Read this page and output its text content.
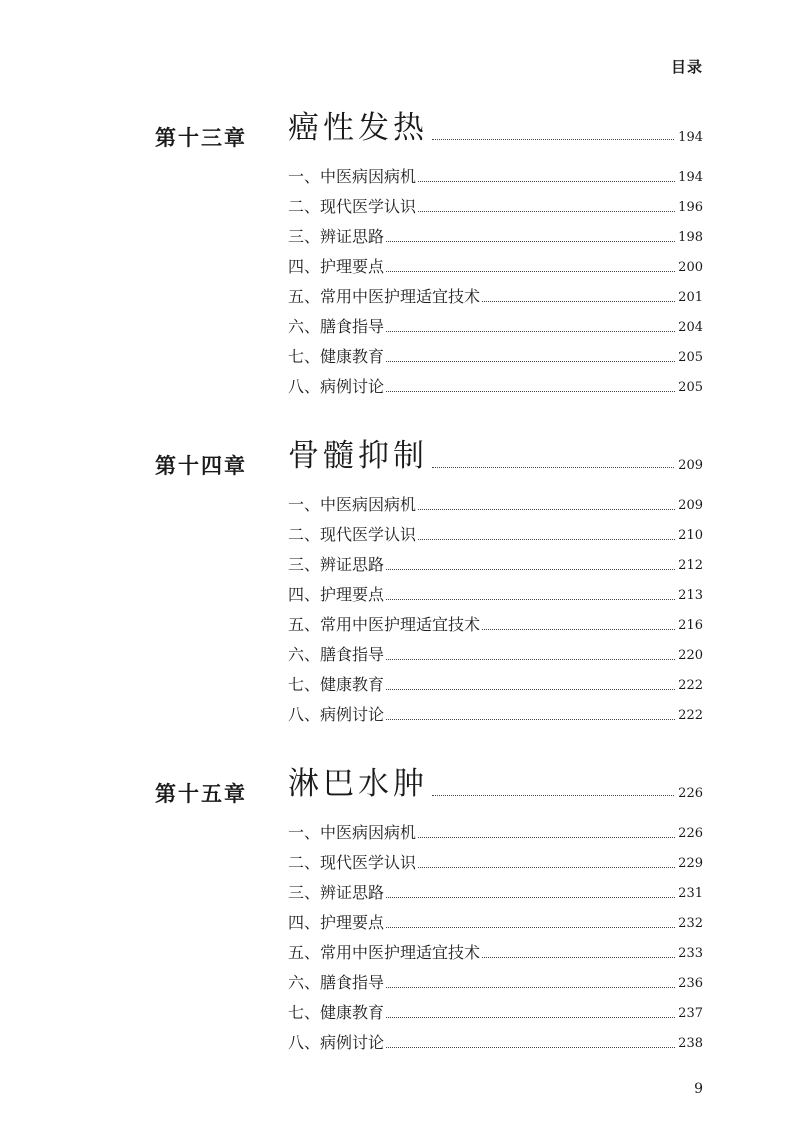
目录
第十三章 癌性发热	194
一、中医病因病机	194
二、现代医学认识	196
三、辨证思路	198
四、护理要点	200
五、常用中医护理适宜技术	201
六、膳食指导	204
七、健康教育	205
八、病例讨论	205
第十四章 骨髓抑制	209
一、中医病因病机	209
二、现代医学认识	210
三、辨证思路	212
四、护理要点	213
五、常用中医护理适宜技术	216
六、膳食指导	220
七、健康教育	222
八、病例讨论	222
第十五章 淋巴水肿	226
一、中医病因病机	226
二、现代医学认识	229
三、辨证思路	231
四、护理要点	232
五、常用中医护理适宜技术	233
六、膳食指导	236
七、健康教育	237
八、病例讨论	238
9
